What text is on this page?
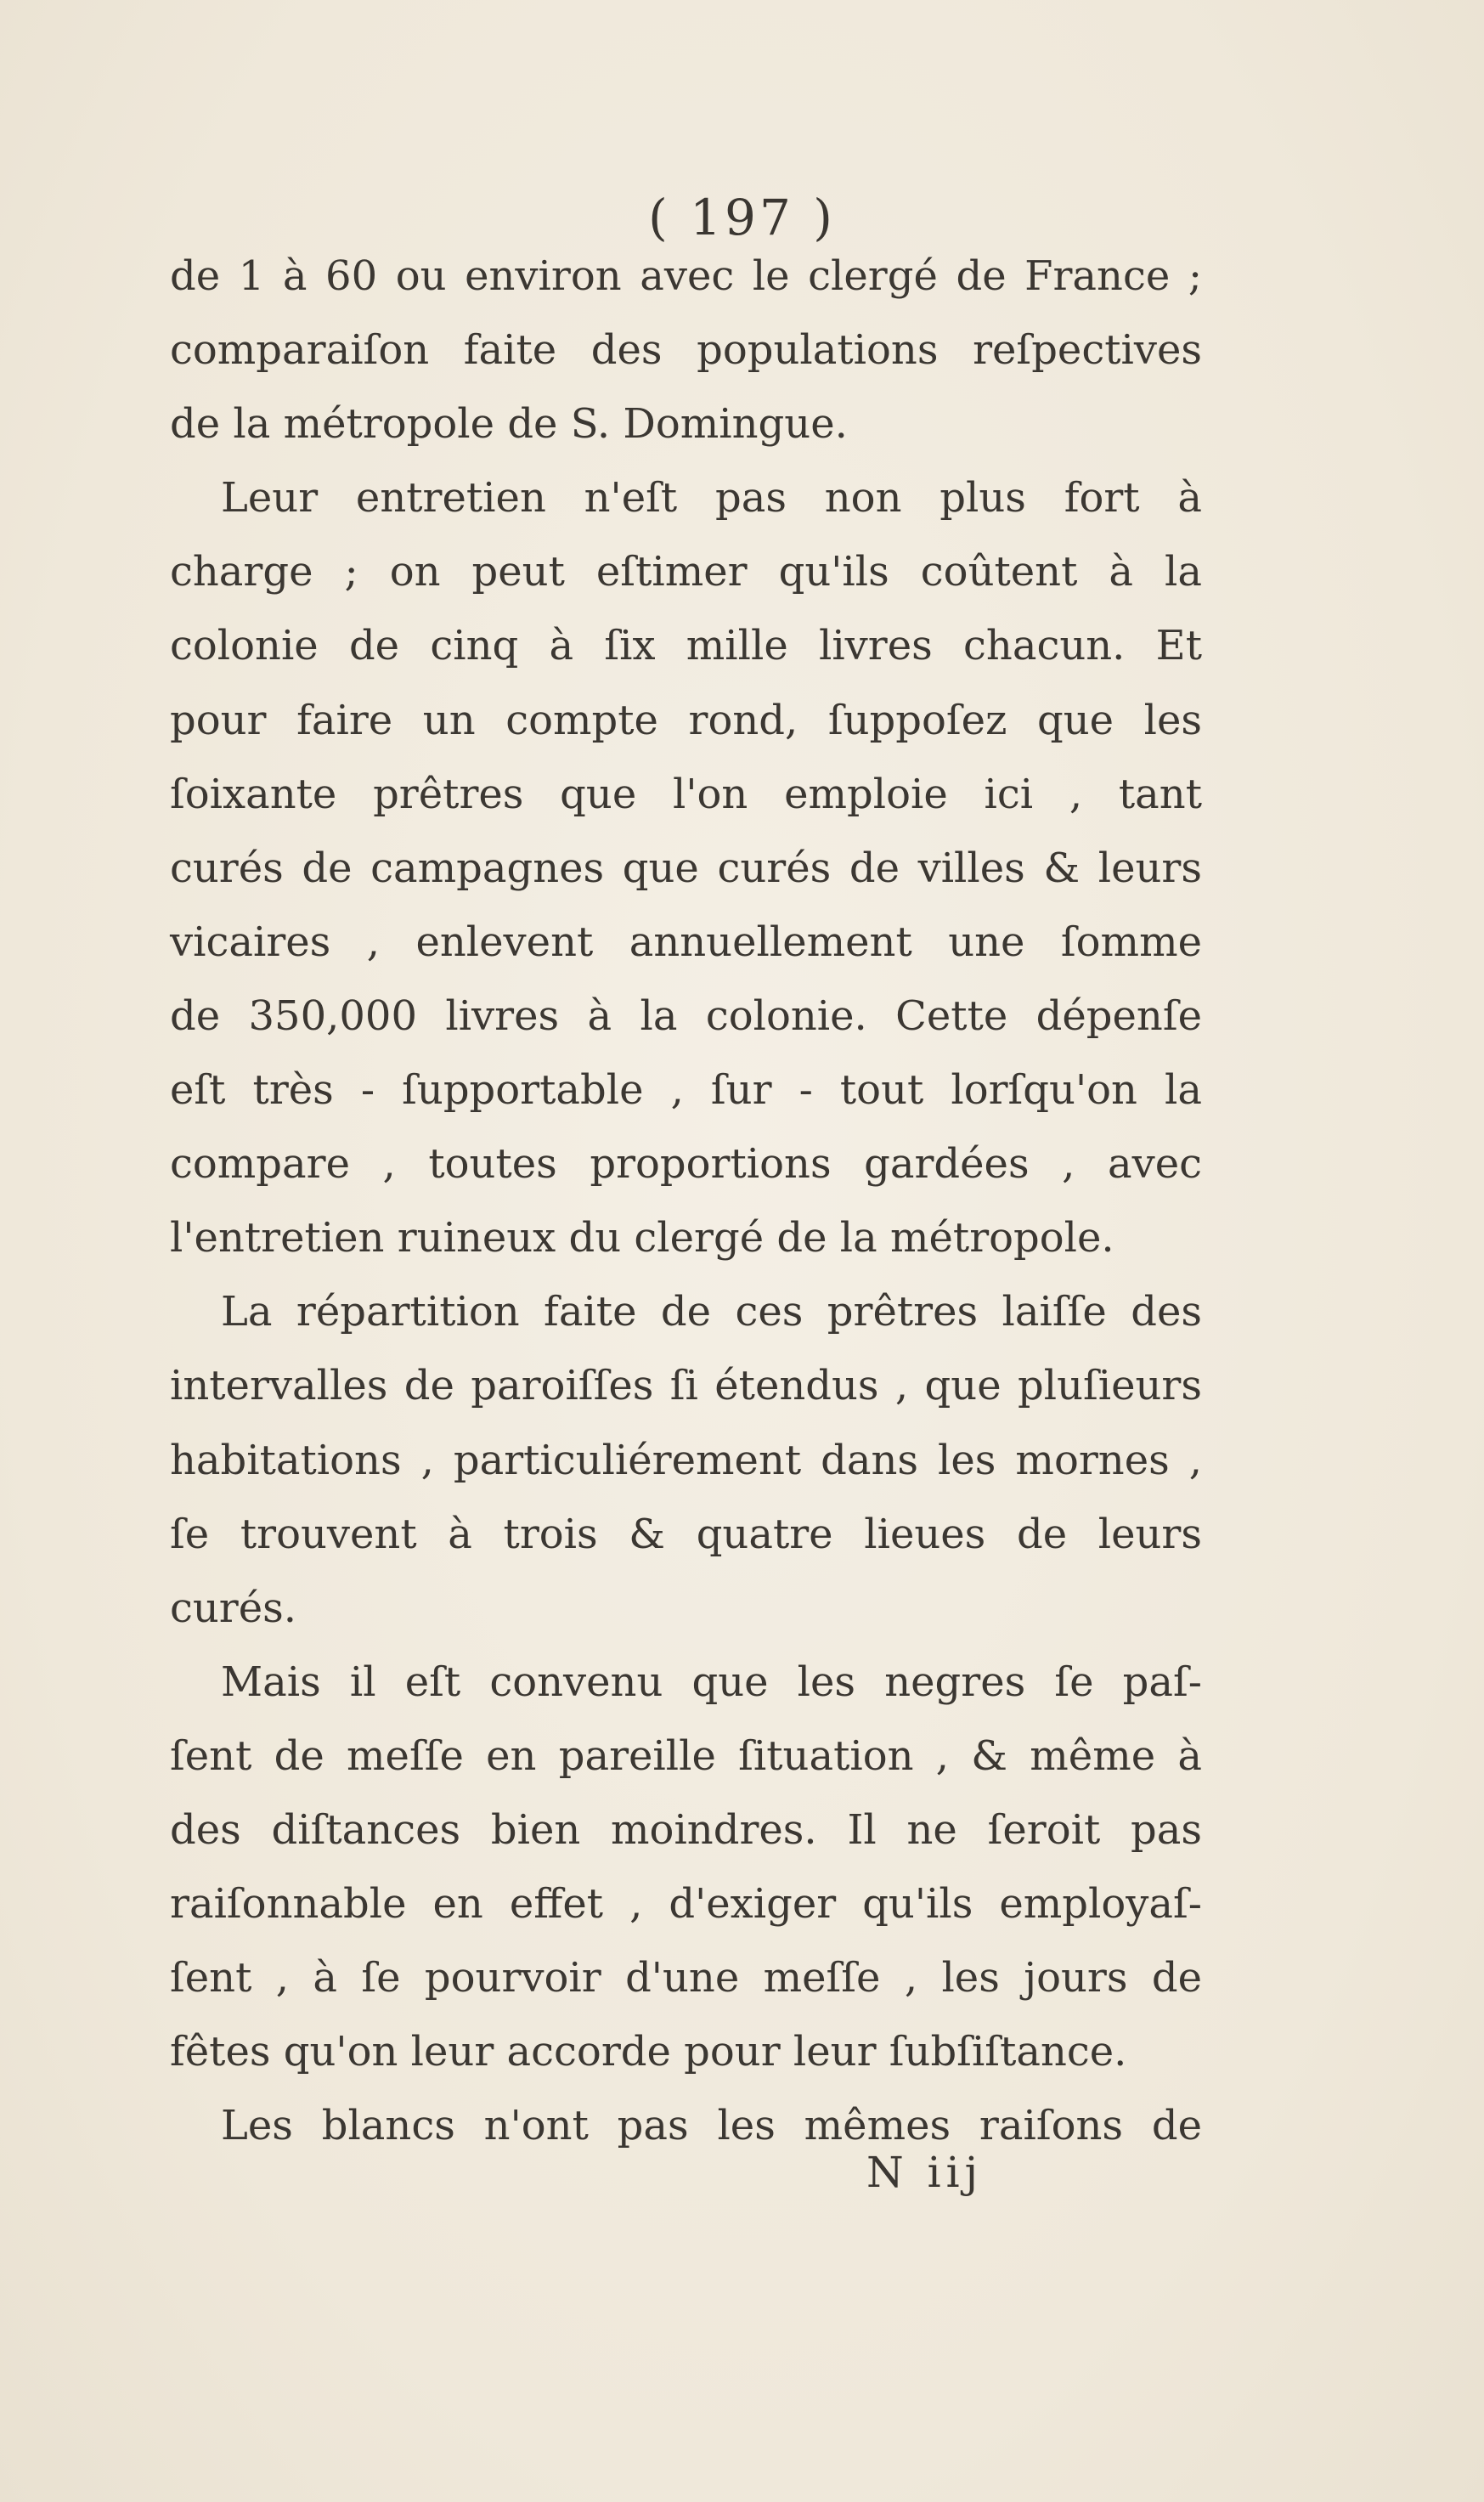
( 197 )
de 1 à 60 ou environ avec le clergé de France ;
comparaiſon faite des populations reſpectives
de la métropole de S. Domingue.
Leur entretien n'eſt pas non plus fort à
charge ; on peut eſtimer qu'ils coûtent à la
colonie de cinq à ſix mille livres chacun. Et
pour faire un compte rond, ſuppoſez que les
ſoixante prêtres que l'on emploie ici , tant
curés de campagnes que curés de villes & leurs
vicaires , enlevent annuellement une ſomme
de 350,000 livres à la colonie. Cette dépenſe
eſt très - ſupportable , ſur - tout lorſqu'on la
compare , toutes proportions gardées , avec
l'entretien ruineux du clergé de la métropole.
La répartition faite de ces prêtres laiſſe des
intervalles de paroiſſes ſi étendus , que pluſieurs
habitations , particuliérement dans les mornes ,
ſe trouvent à trois & quatre lieues de leurs
curés.
Mais il eſt convenu que les negres ſe paſ-
ſent de meſſe en pareille ſituation , & même à
des diſtances bien moindres. Il ne ſeroit pas
raiſonnable en effet , d'exiger qu'ils employaſ-
ſent , à ſe pourvoir d'une meſſe , les jours de
fêtes qu'on leur accorde pour leur ſubſiſtance.
Les blancs n'ont pas les mêmes raiſons de
N iij
